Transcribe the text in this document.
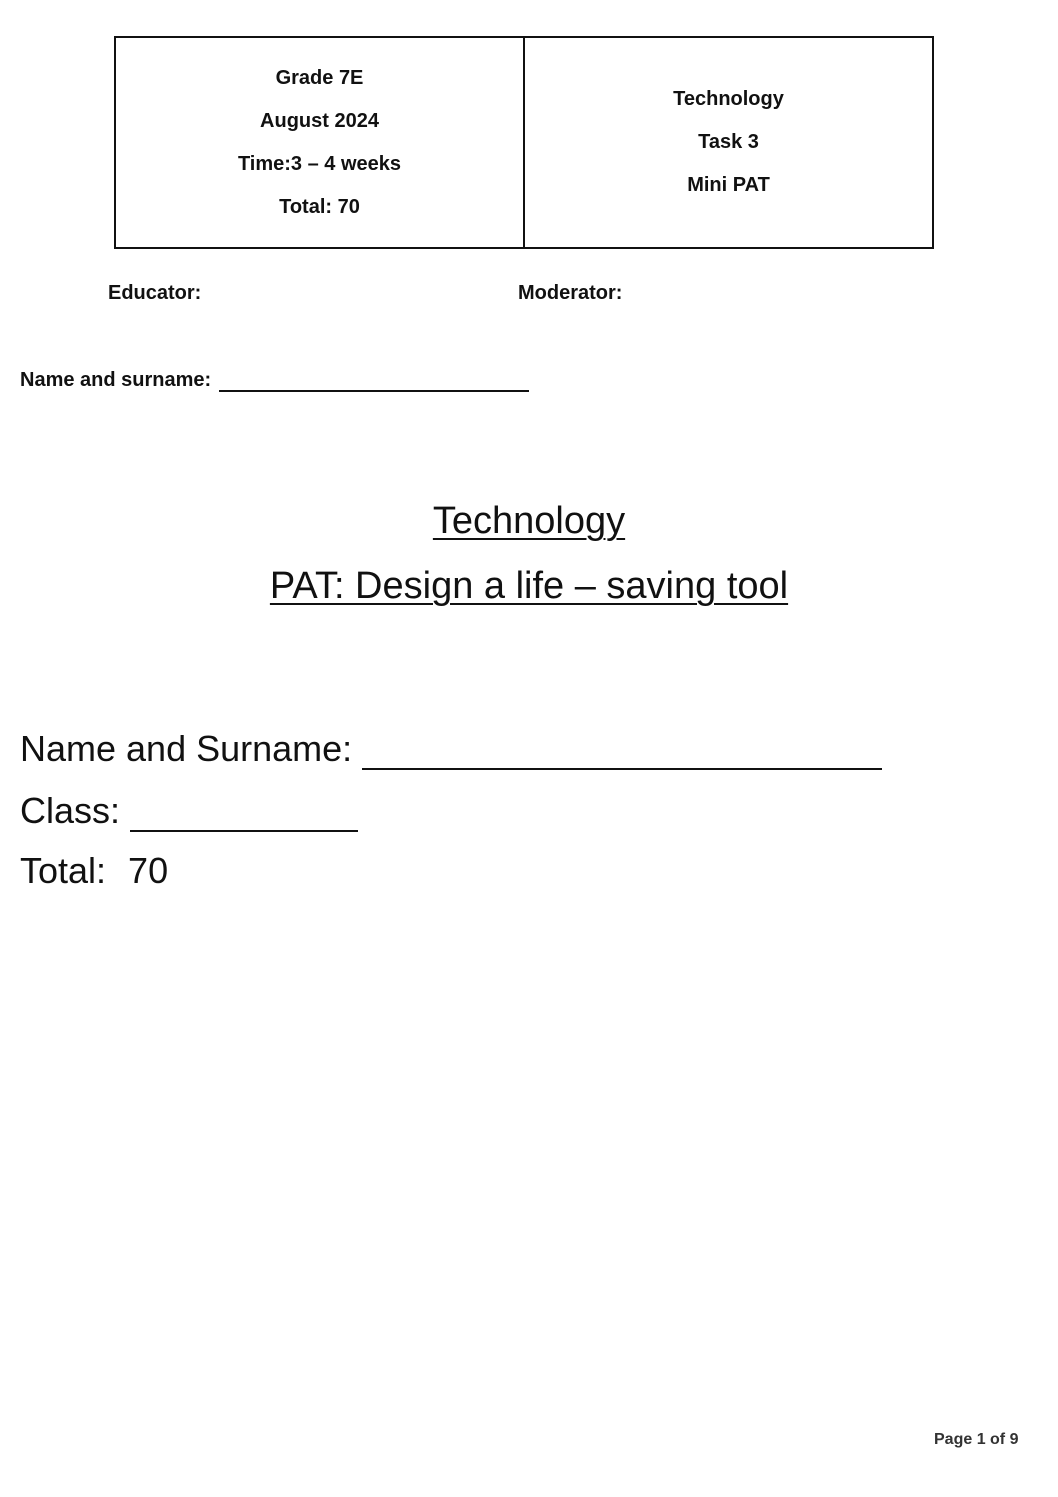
Grade 7E
August 2024
Time:3 – 4 weeks
Total: 70
Technology
Task 3
Mini PAT
Educator:	Moderator:
Name and surname:
Technology
PAT: Design a life – saving tool
Name and Surname:
Class:
Total: 70
Page 1 of 9
